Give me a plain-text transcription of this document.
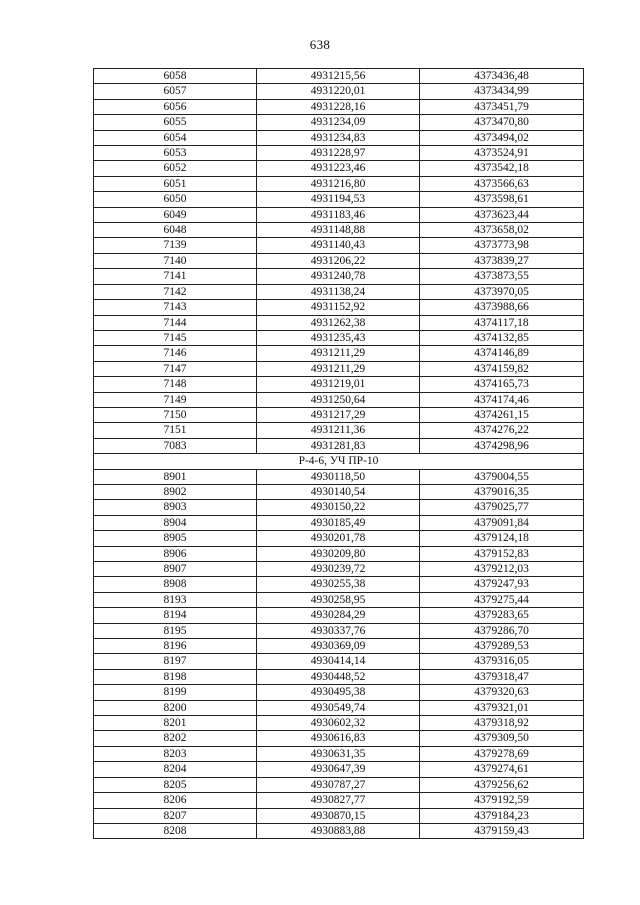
638
6058	4931215,56	4373436,48
6057	4931220,01	4373434,99
6056	4931228,16	4373451,79
6055	4931234,09	4373470,80
6054	4931234,83	4373494,02
6053	4931228,97	4373524,91
6052	4931223,46	4373542,18
6051	4931216,80	4373566,63
6050	4931194,53	4373598,61
6049	4931183,46	4373623,44
6048	4931148,88	4373658,02
7139	4931140,43	4373773,98
7140	4931206,22	4373839,27
7141	4931240,78	4373873,55
7142	4931138,24	4373970,05
7143	4931152,92	4373988,66
7144	4931262,38	4374117,18
7145	4931235,43	4374132,85
7146	4931211,29	4374146,89
7147	4931211,29	4374159,82
7148	4931219,01	4374165,73
7149	4931250,64	4374174,46
7150	4931217,29	4374261,15
7151	4931211,36	4374276,22
7083	4931281,83	4374298,96
Р-4-6, УЧ ПР-10		
8901	4930118,50	4379004,55
8902	4930140,54	4379016,35
8903	4930150,22	4379025,77
8904	4930185,49	4379091,84
8905	4930201,78	4379124,18
8906	4930209,80	4379152,83
8907	4930239,72	4379212,03
8908	4930255,38	4379247,93
8193	4930258,95	4379275,44
8194	4930284,29	4379283,65
8195	4930337,76	4379286,70
8196	4930369,09	4379289,53
8197	4930414,14	4379316,05
8198	4930448,52	4379318,47
8199	4930495,38	4379320,63
8200	4930549,74	4379321,01
8201	4930602,32	4379318,92
8202	4930616,83	4379309,50
8203	4930631,35	4379278,69
8204	4930647,39	4379274,61
8205	4930787,27	4379256,62
8206	4930827,77	4379192,59
8207	4930870,15	4379184,23
8208	4930883,88	4379159,43
